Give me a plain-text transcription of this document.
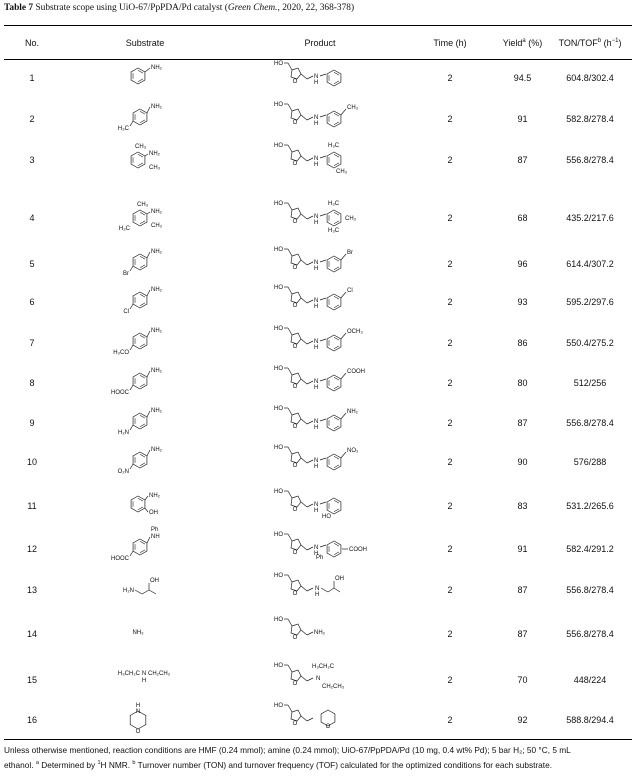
Table 7 Substrate scope using UiO-67/PpPDA/Pd catalyst (Green Chem., 2020, 22, 368-378)
No.	Substrate	Product	Time (h)	Yield$^a$ (%)	TON/TOF$^b$ $(h^{-1})$
1	2	94.5	604.8/302.4
NH₂
HO
O
N
H
2	2	91	582.8/278.4
NH₂
H₃C
HO
O
N
H
CH₃
3	2	87	556.8/278.4
NH₂
CH₃
CH₃
HO
O
N
H
H₃C
CH₃
4	2	68	435.2/217.6
NH₂
CH₃
CH₃
H₃C
HO
O
N
H
H₃C
CH₃
H₃C
5	2	96	614.4/307.2
NH₂
Br
HO
O
N
H
Br
6	2	93	595.2/297.6
NH₂
Cl
HO
O
N
H
Cl
7	2	86	550.4/275.2
NH₂
H₃CO
HO
O
N
H
OCH₃
8	2	80	512/256
NH₂
HOOC
HO
O
N
H
COOH
9	2	87	556.8/278.4
NH₂
H₂N
HO
O
N
H
NH₂
10	2	90	576/288
NH₂
O₂N
HO
O
N
H
NO₂
11	2	83	531.2/265.6
NH₂
OH
HO
O
N
H
HO
12	2	91	582.4/291.2
NH
HOOC
Ph
HO
O
N
H
COOH
Ph
13	2	87	556.8/278.4
H₂N
OH
HO
O
N
H
OH
14	2	87	556.8/278.4
NH₃
HO
O
NH₂
15	2	70	448/224
H₃CH₂C N
H
CH₂CH₃
HO
O
N
H₃CH₂C
CH₂CH₃
16	2	92	588.8/294.4
H
N
O
HO
O	O
Unless otherwise mentioned, reaction conditions are HMF (0.24 mmol); amine (0.24 mmol); UiO-67/PpPDA/Pd (10 mg, 0.4 wt% Pd); 5 bar H₂; 50 °C, 5 mL
ethanol. $^a$ Determined by $^1$H NMR. $^b$ Turnover number (TON) and turnover frequency (TOF) calculated for the optimized conditions for each substrate.
